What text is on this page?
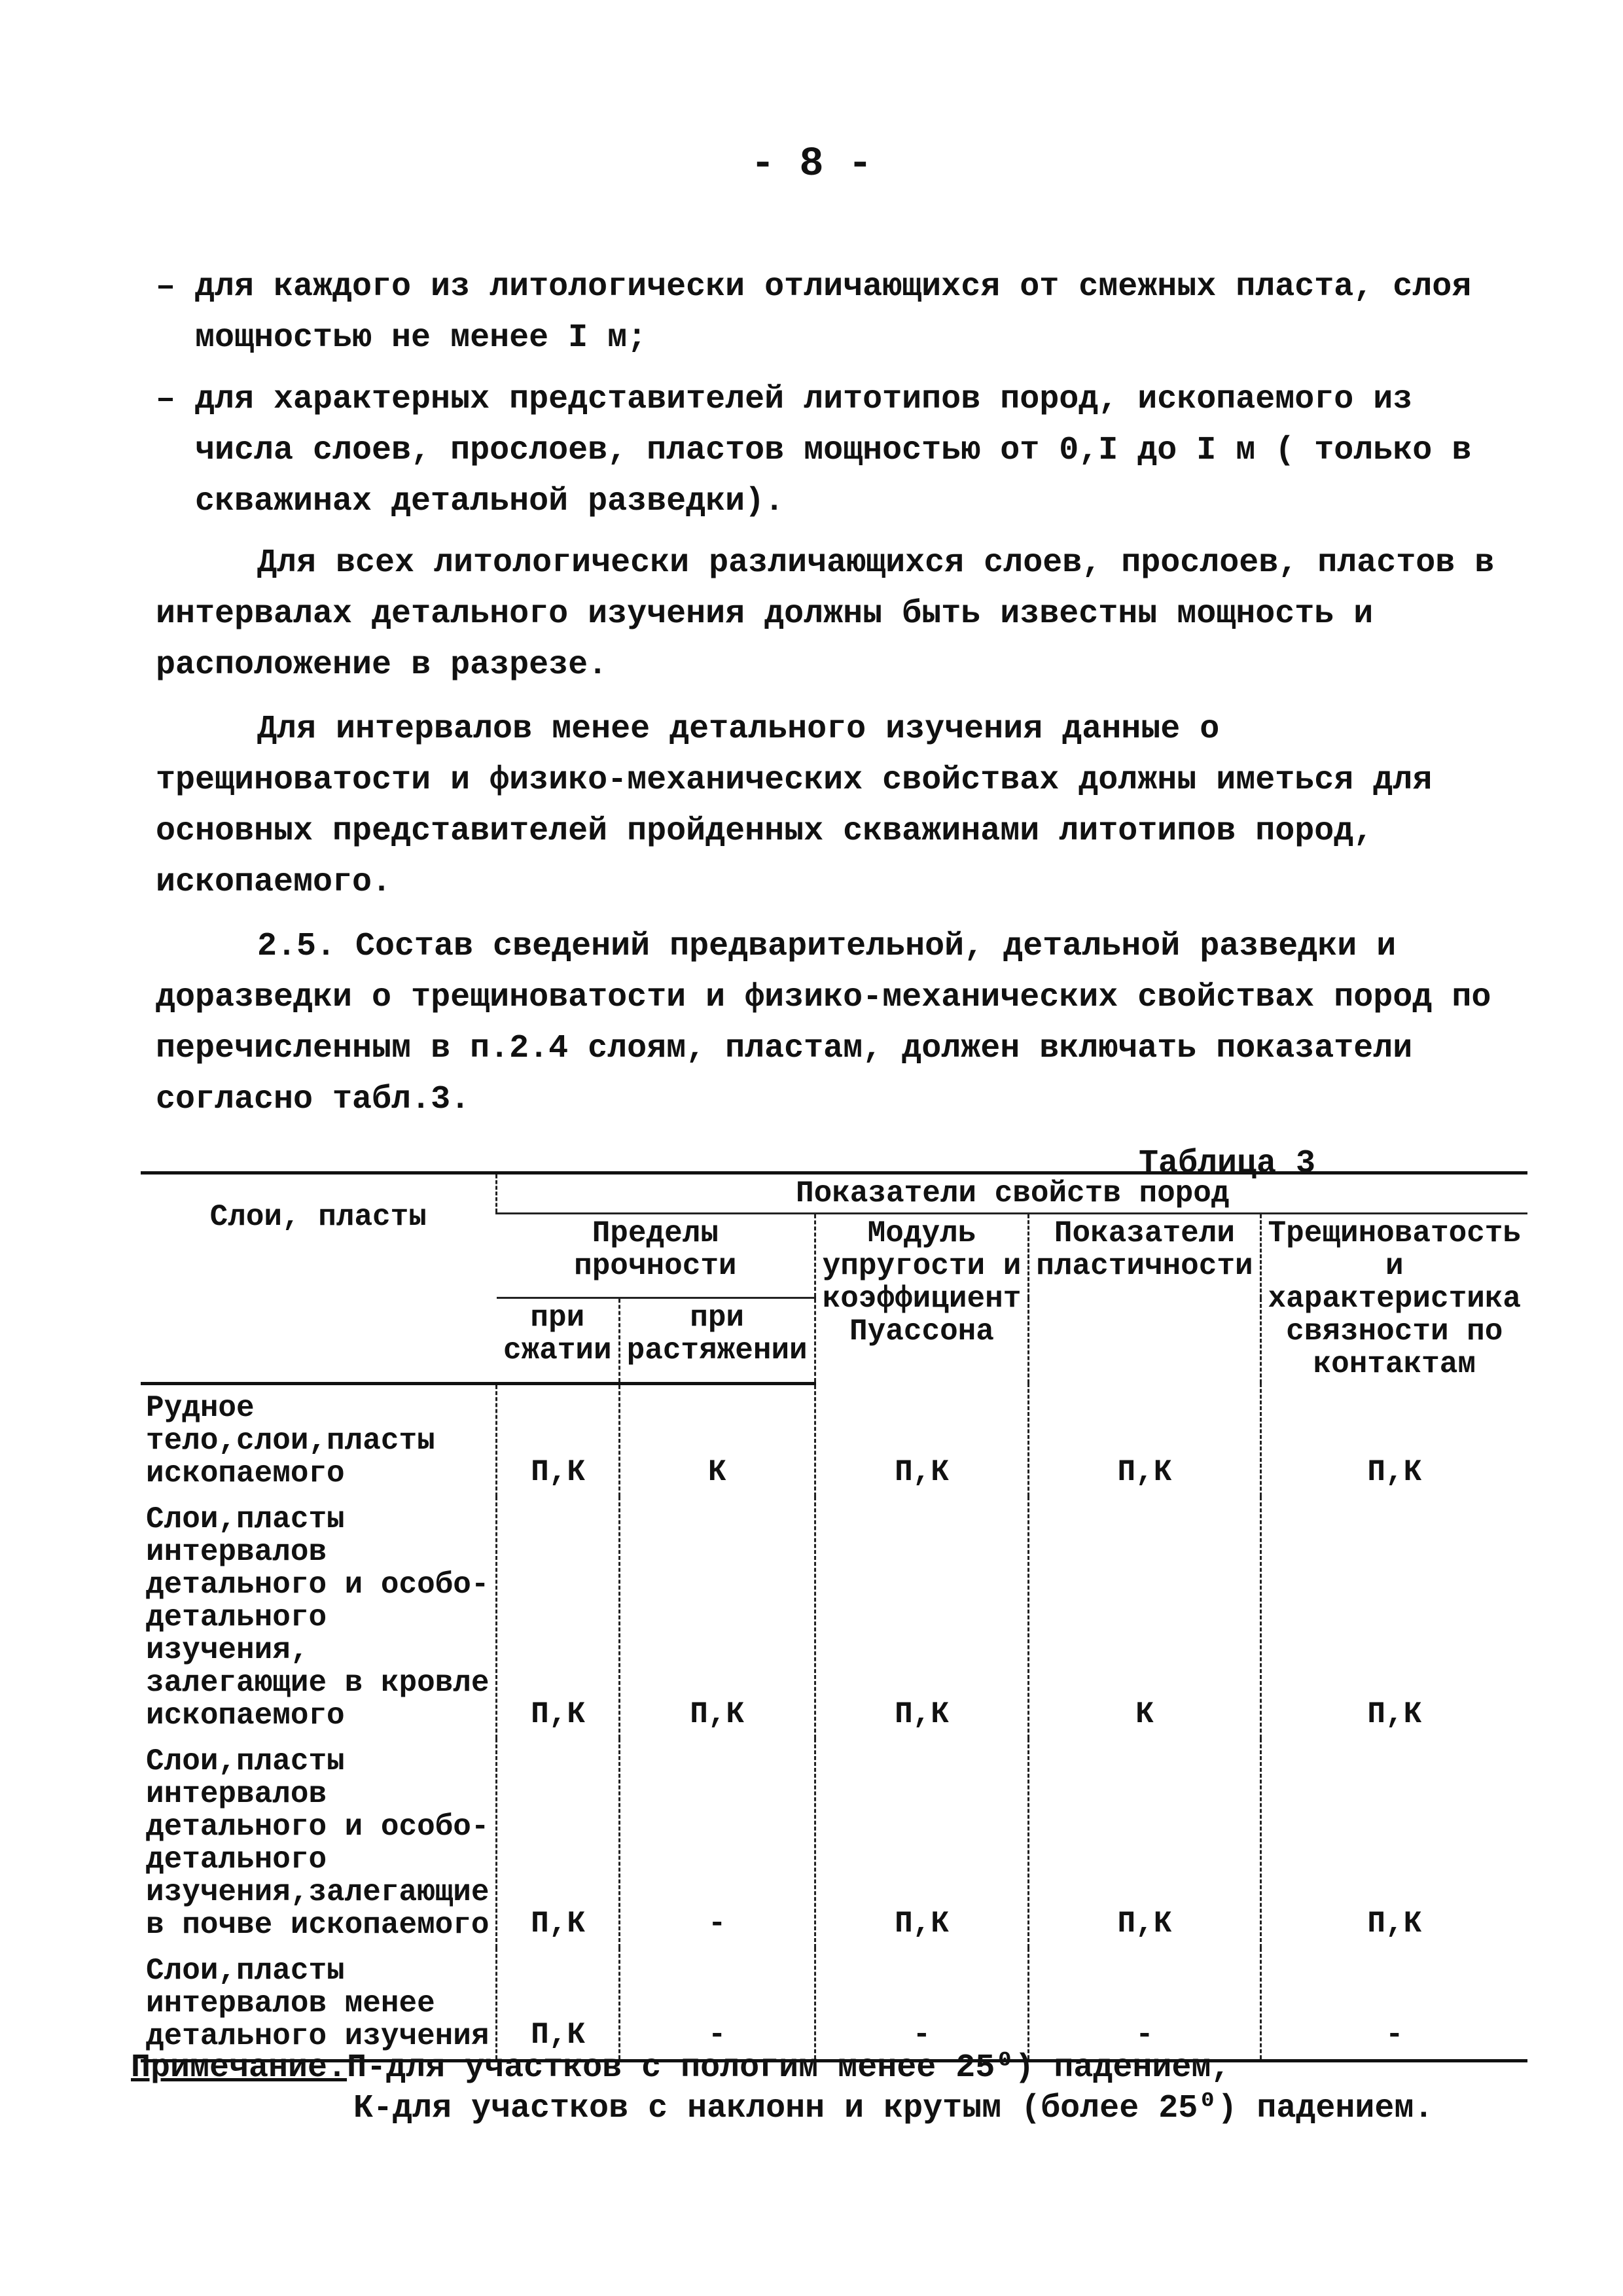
- 8 -
– для каждого из литологически отличающихся от смежных пласта, слоя мощностью не менее I м;
– для характерных представителей литотипов пород, ископаемого из числа слоев, прослоев, пластов мощностью от 0,I до I м ( только в скважинах детальной разведки).

Для всех литологически различающихся слоев, прослоев, пластов в интервалах детального изучения должны быть известны мощность и расположение в разрезе.

Для интервалов менее детального изучения данные о трещиноватости и физико-механических свойствах должны иметься для основных представителей пройденных скважинами литотипов пород, ископаемого.

2.5. Состав сведений предварительной, детальной разведки и доразведки о трещиноватости и физико-механических свойствах пород по перечисленным в п.2.4 слоям, пластам, должен включать показатели согласно табл.3.

Таблица 3
Слои, пласты	Показатели свойств пород				
	Пределы прочности		Модуль упругости и коэффициент Пуассона	Показатели пластичности	Трещиноватость и характеристика связности по контактам
	при сжатии	при растяжении			
Рудное тело,слои,пласты ископаемого	П,К	К	П,К	П,К	П,К
Слои,пласты интервалов детального и особо-детального изучения, залегающие в кровле ископаемого	П,К	П,К	П,К	К	П,К
Слои,пласты интервалов детального и особо-детального изучения,залегающие в почве ископаемого	П,К	-	П,К	П,К	П,К
Слои,пласты интервалов менее детального изучения	П,К	-	-	-	-
Примечание.П-для участков с пологим менее 25⁰) падением,
К-для участков с наклонн и крутым (более 25⁰) падением.
